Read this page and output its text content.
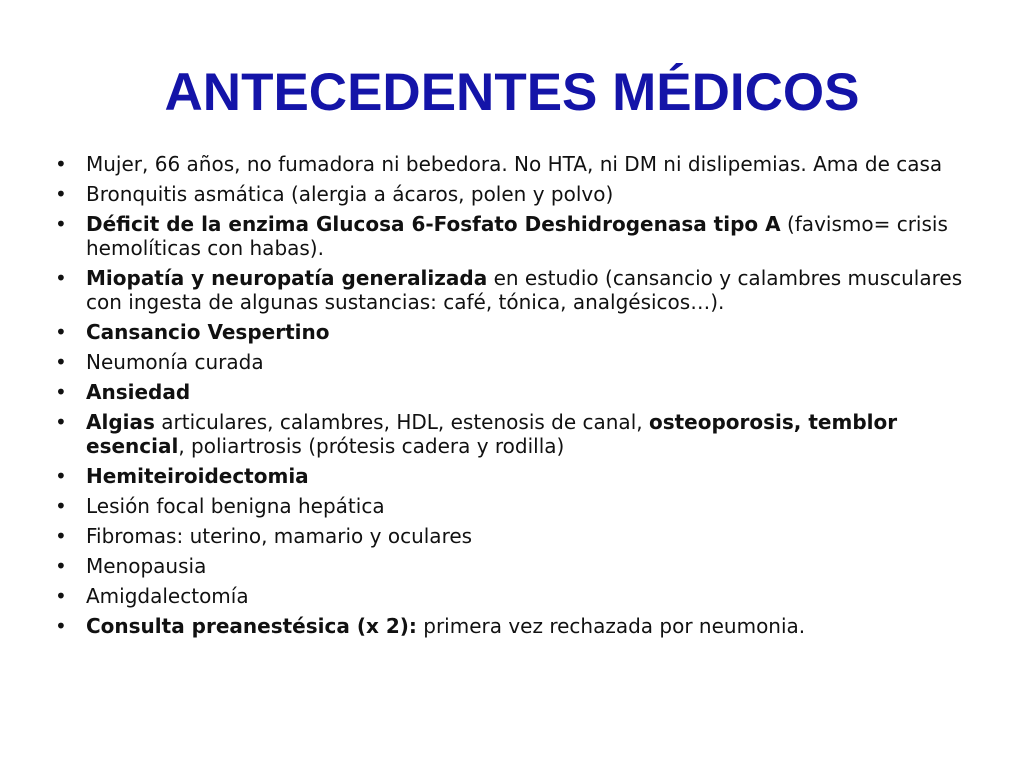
ANTECEDENTES MÉDICOS
• Mujer, 66 años, no fumadora ni bebedora. No HTA, ni DM ni dislipemias. Ama de casa
• Bronquitis asmática (alergia a ácaros, polen y polvo)
• Déficit de la enzima Glucosa 6-Fosfato Deshidrogenasa tipo A (favismo= crisis hemolíticas con habas).
• Miopatía y neuropatía generalizada en estudio (cansancio y calambres musculares con ingesta de algunas sustancias: café, tónica, analgésicos…).
• Cansancio Vespertino
• Neumonía curada
• Ansiedad
• Algias articulares, calambres, HDL, estenosis de canal, osteoporosis, temblor esencial, poliartrosis (prótesis cadera y rodilla)
• Hemiteiroidectomia
• Lesión focal benigna hepática
• Fibromas: uterino, mamario y oculares
• Menopausia
• Amigdalectomía
• Consulta preanestésica (x 2): primera vez rechazada por neumonia.
